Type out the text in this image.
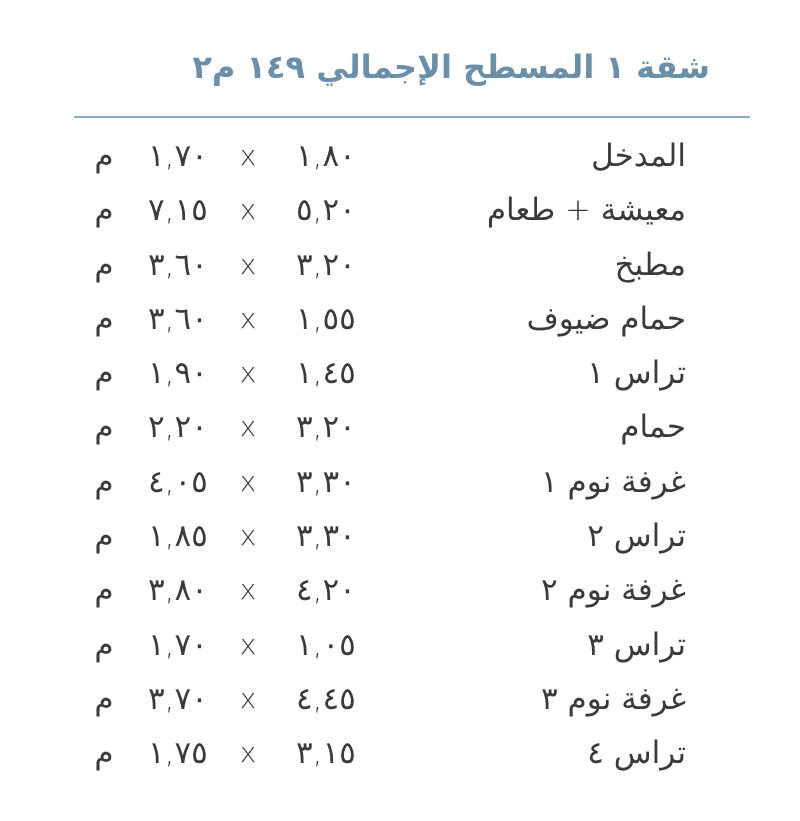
شقة ١ المسطح الإجمالي ١٤٩ م٢
المدخل
١,٨٠
x
١,٧٠
م
معيشة + طعام
٥,٢٠
x
٧,١٥
م
مطبخ
٣,٢٠
x
٣,٦٠
م
حمام ضيوف
١,٥٥
x
٣,٦٠
م
تراس ١
١,٤٥
x
١,٩٠
م
حمام
٣,٢٠
x
٢,٢٠
م
غرفة نوم ١
٣,٣٠
x
٤,٠٥
م
تراس ٢
٣,٣٠
x
١,٨٥
م
غرفة نوم ٢
٤,٢٠
x
٣,٨٠
م
تراس ٣
١,٠٥
x
١,٧٠
م
غرفة نوم ٣
٤,٤٥
x
٣,٧٠
م
تراس ٤
٣,١٥
x
١,٧٥
م
